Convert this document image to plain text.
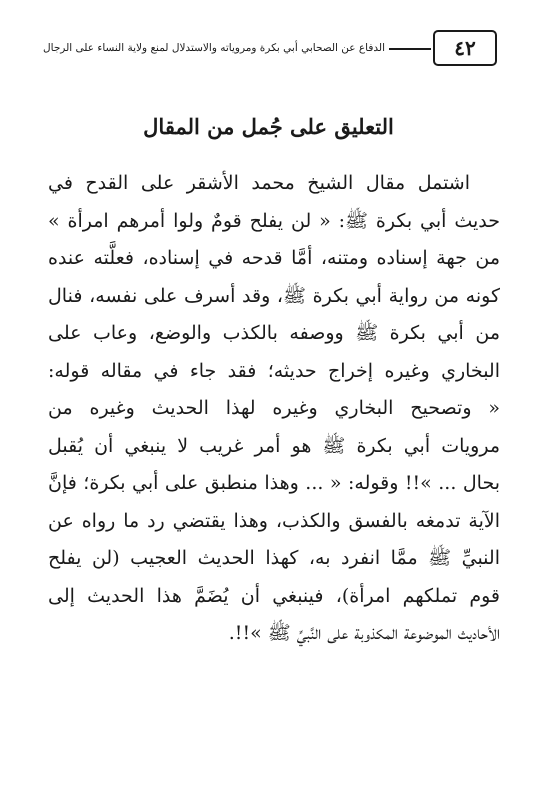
٤٢
الدفاع عن الصحابي أبي بكرة ومروياته والاستدلال لمنع ولاية النساء على الرجال
التعليق على جُمل من المقال
اشتمل مقال الشيخ محمد الأشقر على القدح في
حديث أبي بكرة ﷺ: « لن يفلح قومٌ ولوا أمرهم امرأة »
من جهة إسناده ومتنه، أمَّا قدحه في إسناده، فعلَّته عنده
كونه من رواية أبي بكرة ﷺ، وقد أسرف على نفسه، فنال
من أبي بكرة ﷺ ووصفه بالكذب والوضع، وعاب على
البخاري وغيره إخراج حديثه؛ فقد جاء في مقاله قوله:
« وتصحيح البخاري وغيره لهذا الحديث وغيره من
مرويات أبي بكرة ﷺ هو أمر غريب لا ينبغي أن يُقبل
بحال ... »!! وقوله: « ... وهذا منطبق على أبي بكرة؛ فإنَّ
الآية تدمغه بالفسق والكذب، وهذا يقتضي رد ما رواه عن
النبيِّ ﷺ ممَّا انفرد به، كهذا الحديث العجيب (لن يفلح
قوم تملكهم امرأة)، فينبغي أن يُضَمَّ هذا الحديث إلى
الأحاديث الموضوعة المكذوبة على النَّبيِّ ﷺ »!!.
